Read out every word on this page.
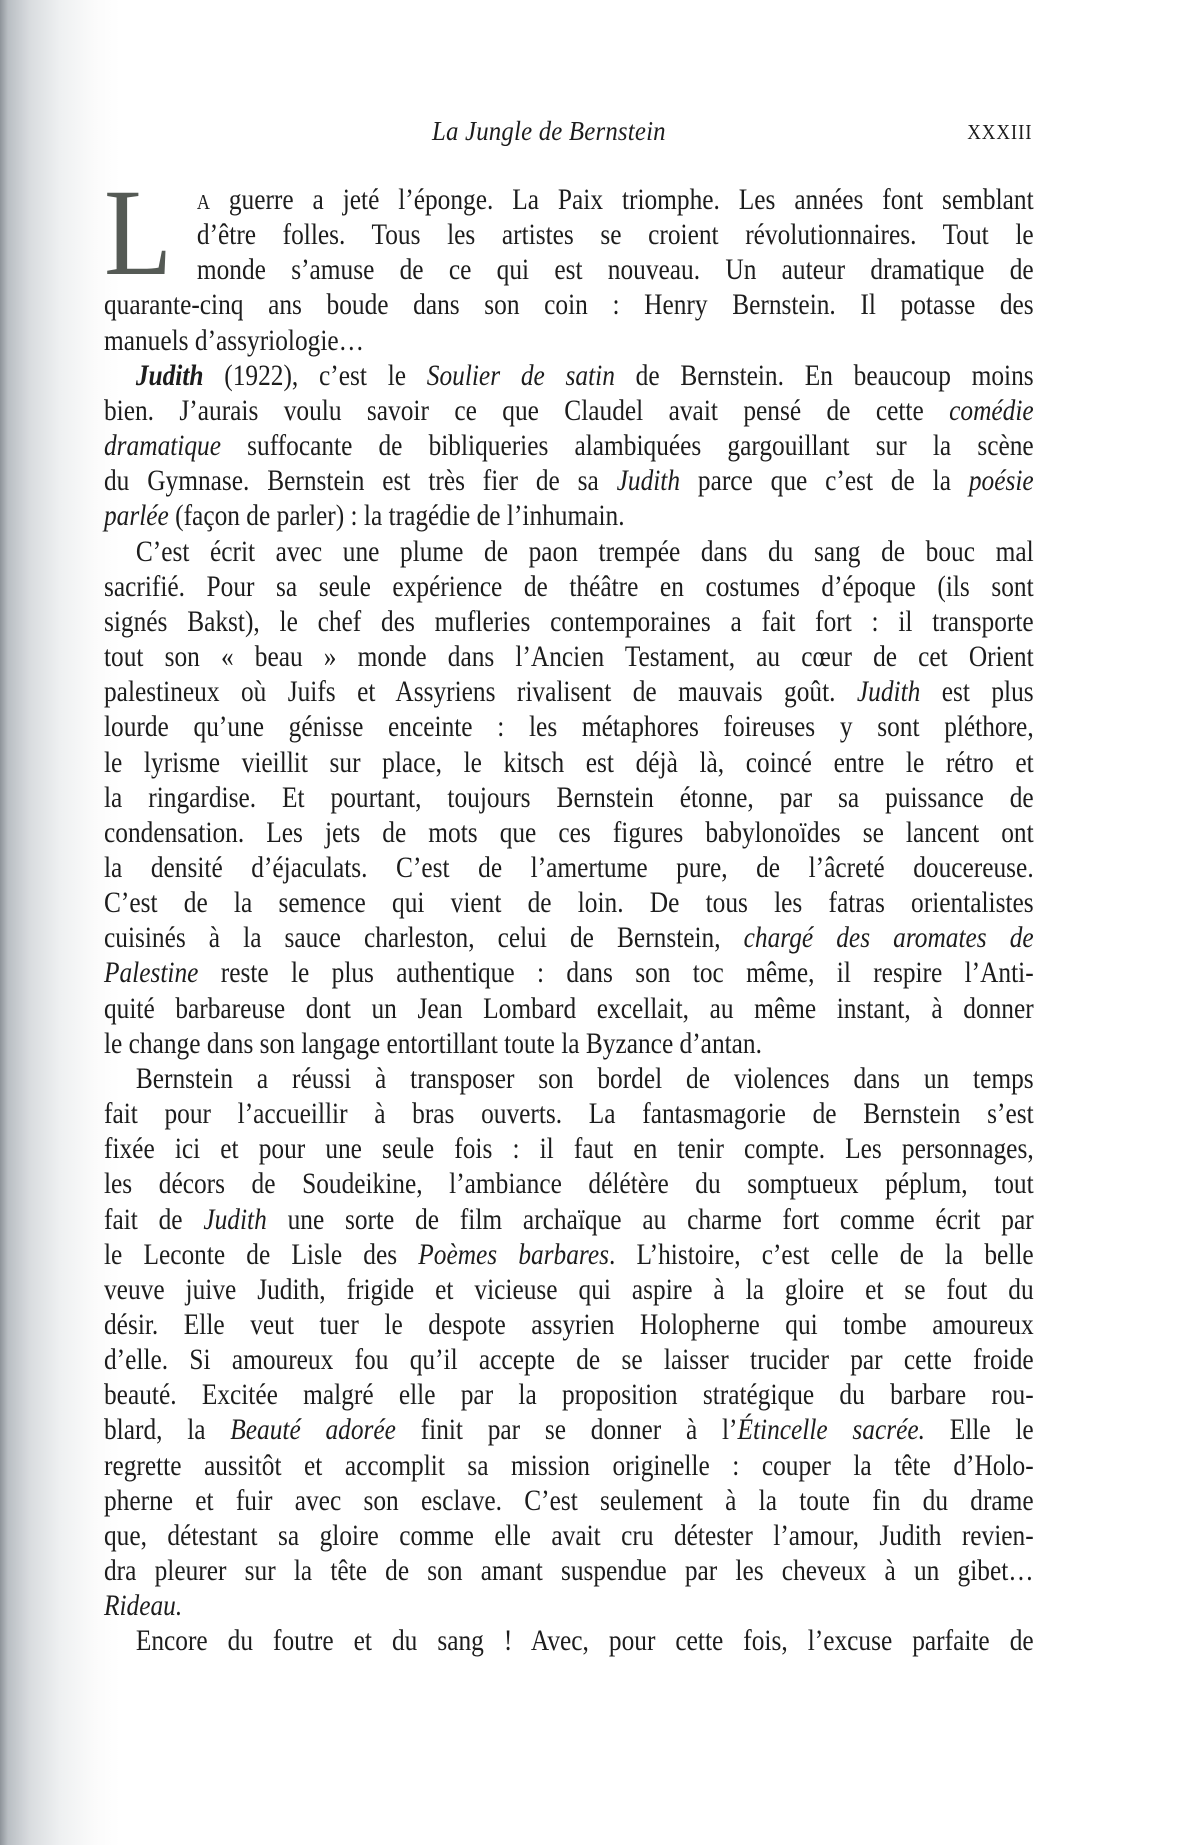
La Jungle de Bernstein	XXXIII
L	A guerre a jeté l’éponge. La Paix triomphe. Les années font semblant
d’être folles. Tous les artistes se croient révolutionnaires. Tout le
monde s’amuse de ce qui est nouveau. Un auteur dramatique de
quarante-cinq ans boude dans son coin : Henry Bernstein. Il potasse des
manuels d’assyriologie…
Judith (1922), c’est le Soulier de satin de Bernstein. En beaucoup moins
bien. J’aurais voulu savoir ce que Claudel avait pensé de cette comédie
dramatique suffocante de bibliqueries alambiquées gargouillant sur la scène
du Gymnase. Bernstein est très fier de sa Judith parce que c’est de la poésie
parlée (façon de parler) : la tragédie de l’inhumain.
C’est écrit avec une plume de paon trempée dans du sang de bouc mal
sacrifié. Pour sa seule expérience de théâtre en costumes d’époque (ils sont
signés Bakst), le chef des mufleries contemporaines a fait fort : il transporte
tout son « beau » monde dans l’Ancien Testament, au cœur de cet Orient
palestineux où Juifs et Assyriens rivalisent de mauvais goût. Judith est plus
lourde qu’une génisse enceinte : les métaphores foireuses y sont pléthore,
le lyrisme vieillit sur place, le kitsch est déjà là, coincé entre le rétro et
la ringardise. Et pourtant, toujours Bernstein étonne, par sa puissance de
condensation. Les jets de mots que ces figures babylonoïdes se lancent ont
la densité d’éjaculats. C’est de l’amertume pure, de l’âcreté doucereuse.
C’est de la semence qui vient de loin. De tous les fatras orientalistes
cuisinés à la sauce charleston, celui de Bernstein, chargé des aromates de
Palestine reste le plus authentique : dans son toc même, il respire l’Anti-
quité barbareuse dont un Jean Lombard excellait, au même instant, à donner
le change dans son langage entortillant toute la Byzance d’antan.
Bernstein a réussi à transposer son bordel de violences dans un temps
fait pour l’accueillir à bras ouverts. La fantasmagorie de Bernstein s’est
fixée ici et pour une seule fois : il faut en tenir compte. Les personnages,
les décors de Soudeikine, l’ambiance délétère du somptueux péplum, tout
fait de Judith une sorte de film archaïque au charme fort comme écrit par
le Leconte de Lisle des Poèmes barbares. L’histoire, c’est celle de la belle
veuve juive Judith, frigide et vicieuse qui aspire à la gloire et se fout du
désir. Elle veut tuer le despote assyrien Holopherne qui tombe amoureux
d’elle. Si amoureux fou qu’il accepte de se laisser trucider par cette froide
beauté. Excitée malgré elle par la proposition stratégique du barbare rou-
blard, la Beauté adorée finit par se donner à l’Étincelle sacrée. Elle le
regrette aussitôt et accomplit sa mission originelle : couper la tête d’Holo-
pherne et fuir avec son esclave. C’est seulement à la toute fin du drame
que, détestant sa gloire comme elle avait cru détester l’amour, Judith revien-
dra pleurer sur la tête de son amant suspendue par les cheveux à un gibet…
Rideau.
Encore du foutre et du sang ! Avec, pour cette fois, l’excuse parfaite de
